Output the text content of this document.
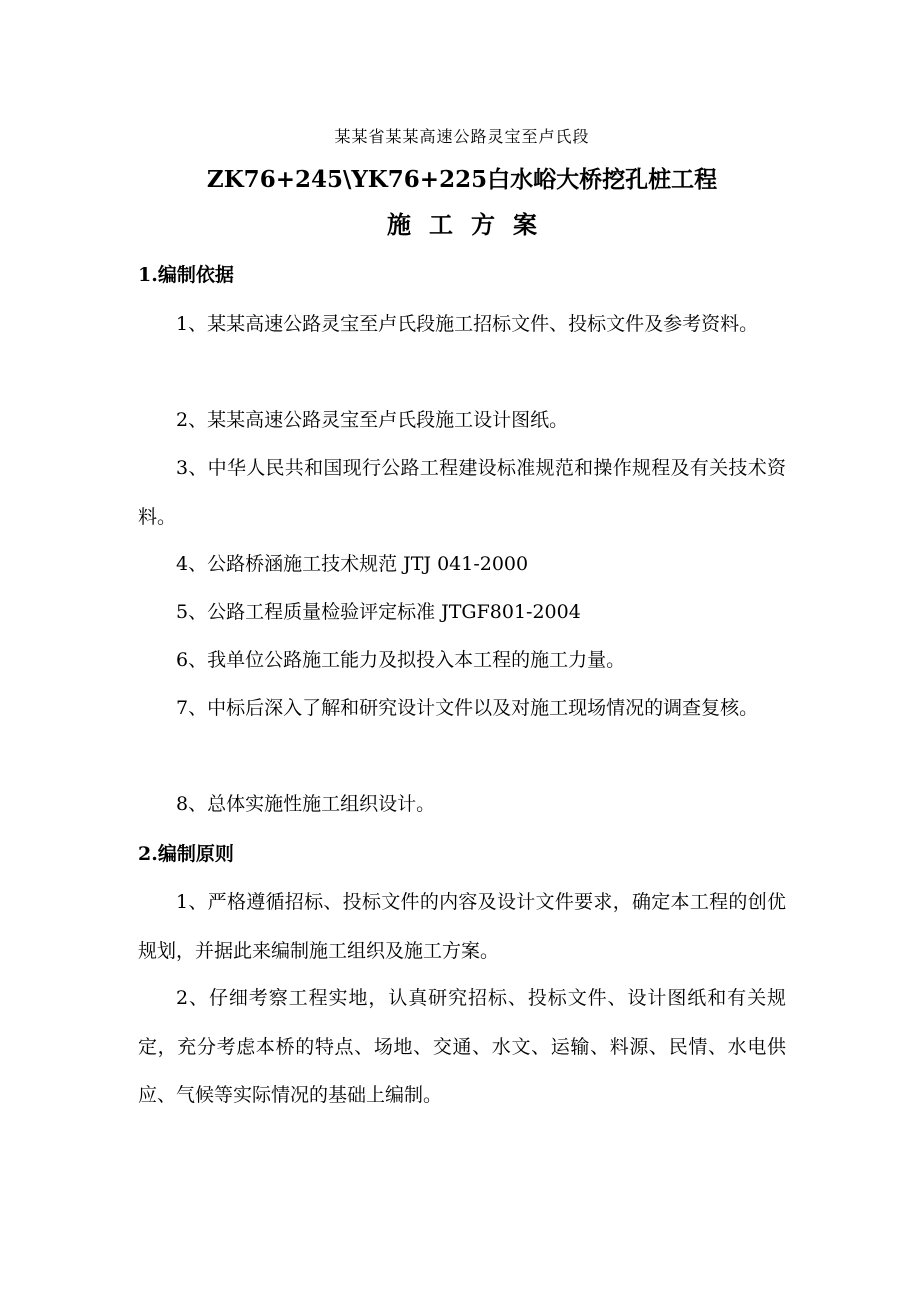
某某省某某高速公路灵宝至卢氏段
ZK76+245\YK76+225白水峪大桥挖孔桩工程
施工方案
1.编制依据
1、某某高速公路灵宝至卢氏段施工招标文件、投标文件及参考资料。
2、某某高速公路灵宝至卢氏段施工设计图纸。
3、中华人民共和国现行公路工程建设标准规范和操作规程及有关技术资料。
4、公路桥涵施工技术规范 JTJ 041-2000
5、公路工程质量检验评定标准 JTGF801-2004
6、我单位公路施工能力及拟投入本工程的施工力量。
7、中标后深入了解和研究设计文件以及对施工现场情况的调查复核。
8、总体实施性施工组织设计。
2.编制原则
1、严格遵循招标、投标文件的内容及设计文件要求，确定本工程的创优规划，并据此来编制施工组织及施工方案。
2、仔细考察工程实地，认真研究招标、投标文件、设计图纸和有关规定，充分考虑本桥的特点、场地、交通、水文、运输、料源、民情、水电供应、气候等实际情况的基础上编制。
